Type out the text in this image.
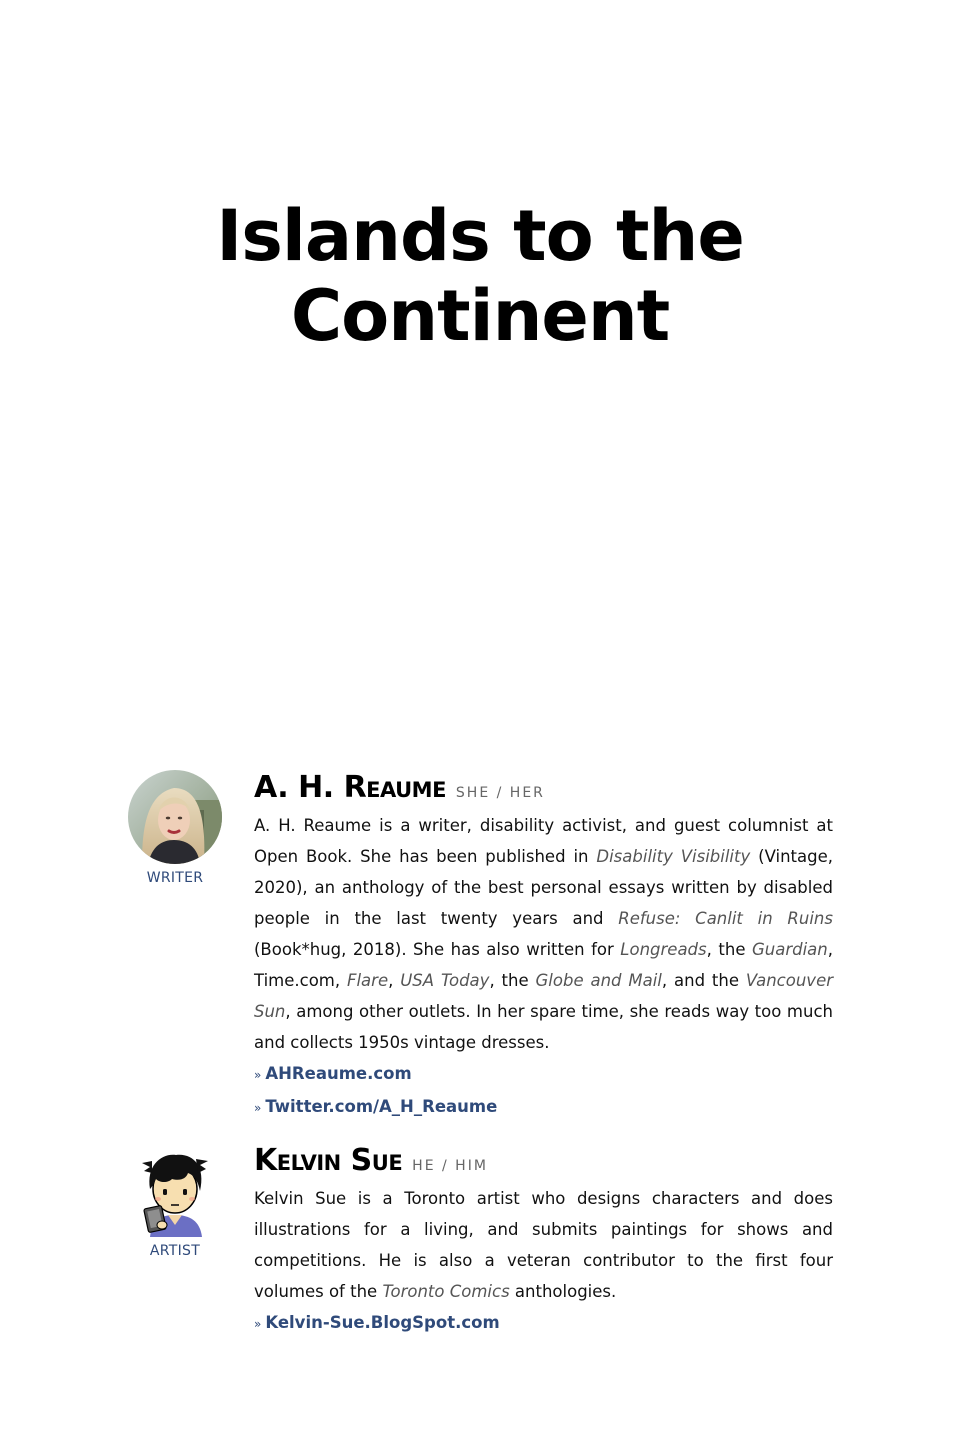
Islands to the
Continent
WRITER
A. H. Reaume SHE / HER

A. H. Reaume is a writer, disability activist, and guest columnist at Open Book. She has been published in Disability Visibility (Vintage, 2020), an anthology of the best personal essays written by disabled people in the last twenty years and Refuse: Canlit in Ruins (Book*hug, 2018). She has also written for Longreads, the Guardian, Time.com, Flare, USA Today, the Globe and Mail, and the Vancouver Sun, among other outlets. In her spare time, she reads way too much and collects 1950s vintage dresses.

» AHReaume.com
» Twitter.com/A_H_Reaume
ARTIST
Kelvin Sue HE / HIM

Kelvin Sue is a Toronto artist who designs characters and does illustrations for a living, and submits paintings for shows and competitions. He is also a veteran contributor to the first four volumes of the Toronto Comics anthologies.

» Kelvin-Sue.BlogSpot.com
